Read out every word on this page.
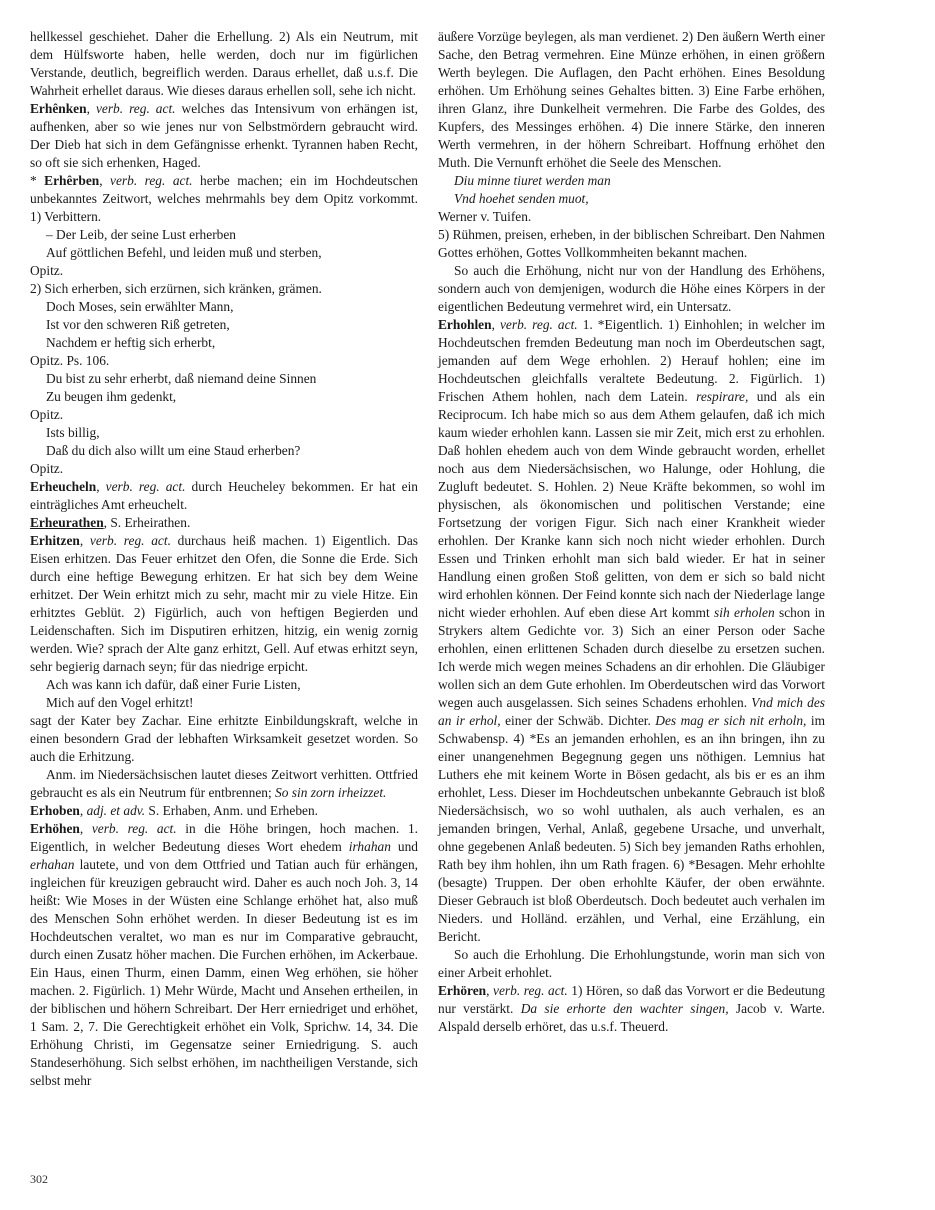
hellkessel geschiehet. Daher die Erhellung. 2) Als ein Neutrum, mit dem Hülfsworte haben, helle werden, doch nur im figürlichen Verstande, deutlich, begreiflich werden. Daraus erhellet, daß u.s.f. Die Wahrheit erhellet daraus. Wie dieses daraus erhellen soll, sehe ich nicht.

Erhênken, verb. reg. act. welches das Intensivum von erhängen ist, aufhenken, aber so wie jenes nur von Selbstmördern gebraucht wird. Der Dieb hat sich in dem Gefängnisse erhenkt. Tyrannen haben Recht, so oft sie sich erhenken, Haged.

* Erhêrben, verb. reg. act. herbe machen; ein im Hochdeutschen unbekanntes Zeitwort, welches mehrmahls bey dem Opitz vorkommt. 1) Verbittern.

– Der Leib, der seine Lust erherben
Auf göttlichen Befehl, und leiden muß und sterben,

Opitz.

2) Sich erherben, sich erzürnen, sich kränken, grämen.

Doch Moses, sein erwählter Mann,
Ist vor den schweren Riß getreten,
Nachdem er heftig sich erherbt,

Opitz. Ps. 106.

Du bist zu sehr erherbt, daß niemand deine Sinnen
Zu beugen ihm gedenkt,

Opitz.

Ists billig,
Daß du dich also willt um eine Staud erherben?

Opitz.

Erheucheln, verb. reg. act. durch Heucheley bekommen. Er hat ein einträgliches Amt erheuchelt.

Erheurathen, S. Erheirathen.

Erhitzen, verb. reg. act. durchaus heiß machen. 1) Eigentlich. Das Eisen erhitzen. Das Feuer erhitzet den Ofen, die Sonne die Erde. Sich durch eine heftige Bewegung erhitzen. Er hat sich bey dem Weine erhitzet. Der Wein erhitzt mich zu sehr, macht mir zu viele Hitze. Ein erhitztes Geblüt. 2) Figürlich, auch von heftigen Begierden und Leidenschaften. Sich im Disputiren erhitzen, hitzig, ein wenig zornig werden. Wie? sprach der Alte ganz erhitzt, Gell. Auf etwas erhitzt seyn, sehr begierig darnach seyn; für das niedrige erpicht.

Ach was kann ich dafür, daß einer Furie Listen,
Mich auf den Vogel erhitzt!

sagt der Kater bey Zachar. Eine erhitzte Einbildungskraft, welche in einen besondern Grad der lebhaften Wirksamkeit gesetzet worden. So auch die Erhitzung.

Anm. im Niedersächsischen lautet dieses Zeitwort verhitten. Ottfried gebraucht es als ein Neutrum für entbrennen; So sin zorn irheizzet.

Erhoben, adj. et adv. S. Erhaben, Anm. und Erheben.

Erhöhen, verb. reg. act. in die Höhe bringen, hoch machen. 1. Eigentlich, in welcher Bedeutung dieses Wort ehedem irhahan und erhahan lautete, und von dem Ottfried und Tatian auch für erhängen, ingleichen für kreuzigen gebraucht wird. Daher es auch noch Joh. 3, 14 heißt: Wie Moses in der Wüsten eine Schlange erhöhet hat, also muß des Menschen Sohn erhöhet werden. In dieser Bedeutung ist es im Hochdeutschen veraltet, wo man es nur im Comparative gebraucht, durch einen Zusatz höher machen. Die Furchen erhöhen, im Ackerbaue. Ein Haus, einen Thurm, einen Damm, einen Weg erhöhen, sie höher machen. 2. Figürlich. 1) Mehr Würde, Macht und Ansehen ertheilen, in der biblischen und höhern Schreibart. Der Herr erniedriget und erhöhet, 1 Sam. 2, 7. Die Gerechtigkeit erhöhet ein Volk, Sprichw. 14, 34. Die Erhöhung Christi, im Gegensatze seiner Erniedrigung. S. auch Standeserhöhung. Sich selbst erhöhen, im nachtheiligen Verstande, sich selbst mehr

äußere Vorzüge beylegen, als man verdienet. 2) Den äußern Werth einer Sache, den Betrag vermehren. Eine Münze erhöhen, in einen größern Werth beylegen. Die Auflagen, den Pacht erhöhen. Eines Besoldung erhöhen. Um Erhöhung seines Gehaltes bitten. 3) Eine Farbe erhöhen, ihren Glanz, ihre Dunkelheit vermehren. Die Farbe des Goldes, des Kupfers, des Messinges erhöhen. 4) Die innere Stärke, den inneren Werth vermehren, in der höhern Schreibart. Hoffnung erhöhet den Muth. Die Vernunft erhöhet die Seele des Menschen.

Diu minne tiuret werden man
Vnd hoehet senden muot,

Werner v. Tuifen.

5) Rühmen, preisen, erheben, in der biblischen Schreibart. Den Nahmen Gottes erhöhen, Gottes Vollkommheiten bekannt machen.

So auch die Erhöhung, nicht nur von der Handlung des Erhöhens, sondern auch von demjenigen, wodurch die Höhe eines Körpers in der eigentlichen Bedeutung vermehret wird, ein Untersatz.

Erhohlen, verb. reg. act. 1. *Eigentlich. 1) Einhohlen; in welcher im Hochdeutschen fremden Bedeutung man noch im Oberdeutschen sagt, jemanden auf dem Wege erhohlen. 2) Herauf hohlen; eine im Hochdeutschen gleichfalls veraltete Bedeutung. 2. Figürlich. 1) Frischen Athem hohlen, nach dem Latein. respirare, und als ein Reciprocum. Ich habe mich so aus dem Athem gelaufen, daß ich mich kaum wieder erhohlen kann. Lassen sie mir Zeit, mich erst zu erhohlen. Daß hohlen ehedem auch von dem Winde gebraucht worden, erhellet noch aus dem Niedersächsischen, wo Halunge, oder Hohlung, die Zugluft bedeutet. S. Hohlen. 2) Neue Kräfte bekommen, so wohl im physischen, als ökonomischen und politischen Verstande; eine Fortsetzung der vorigen Figur. Sich nach einer Krankheit wieder erhohlen. Der Kranke kann sich noch nicht wieder erhohlen. Durch Essen und Trinken erhohlt man sich bald wieder. Er hat in seiner Handlung einen großen Stoß gelitten, von dem er sich so bald nicht wird erhohlen können. Der Feind konnte sich nach der Niederlage lange nicht wieder erhohlen. Auf eben diese Art kommt sih erholen schon in Strykers altem Gedichte vor. 3) Sich an einer Person oder Sache erhohlen, einen erlittenen Schaden durch dieselbe zu ersetzen suchen. Ich werde mich wegen meines Schadens an dir erhohlen. Die Gläubiger wollen sich an dem Gute erhohlen. Im Oberdeutschen wird das Vorwort wegen auch ausgelassen. Sich seines Schadens erhohlen. Vnd mich des an ir erhol, einer der Schwäb. Dichter. Des mag er sich nit erholn, im Schwabensp. 4) *Es an jemanden erhohlen, es an ihn bringen, ihn zu einer unangenehmen Begegnung gegen uns nöthigen. Lemnius hat Luthers ehe mit keinem Worte in Bösen gedacht, als bis er es an ihm erhohlet, Less. Dieser im Hochdeutschen unbekannte Gebrauch ist bloß Niedersächsisch, wo so wohl uuthalen, als auch verhalen, es an jemanden bringen, Verhal, Anlaß, gegebene Ursache, und unverhalt, ohne gegebenen Anlaß bedeuten. 5) Sich bey jemanden Raths erhohlen, Rath bey ihm hohlen, ihn um Rath fragen. 6) *Besagen. Mehr erhohlte (besagte) Truppen. Der oben erhohlte Käufer, der oben erwähnte. Dieser Gebrauch ist bloß Oberdeutsch. Doch bedeutet auch verhalen im Nieders. und Holländ. erzählen, und Verhal, eine Erzählung, ein Bericht.

So auch die Erhohlung. Die Erhohlungstunde, worin man sich von einer Arbeit erhohlet.

Erhören, verb. reg. act. 1) Hören, so daß das Vorwort er die Bedeutung nur verstärkt. Da sie erhorte den wachter singen, Jacob v. Warte. Alspald derselb erhöret, das u.s.f. Theuerd.

302
